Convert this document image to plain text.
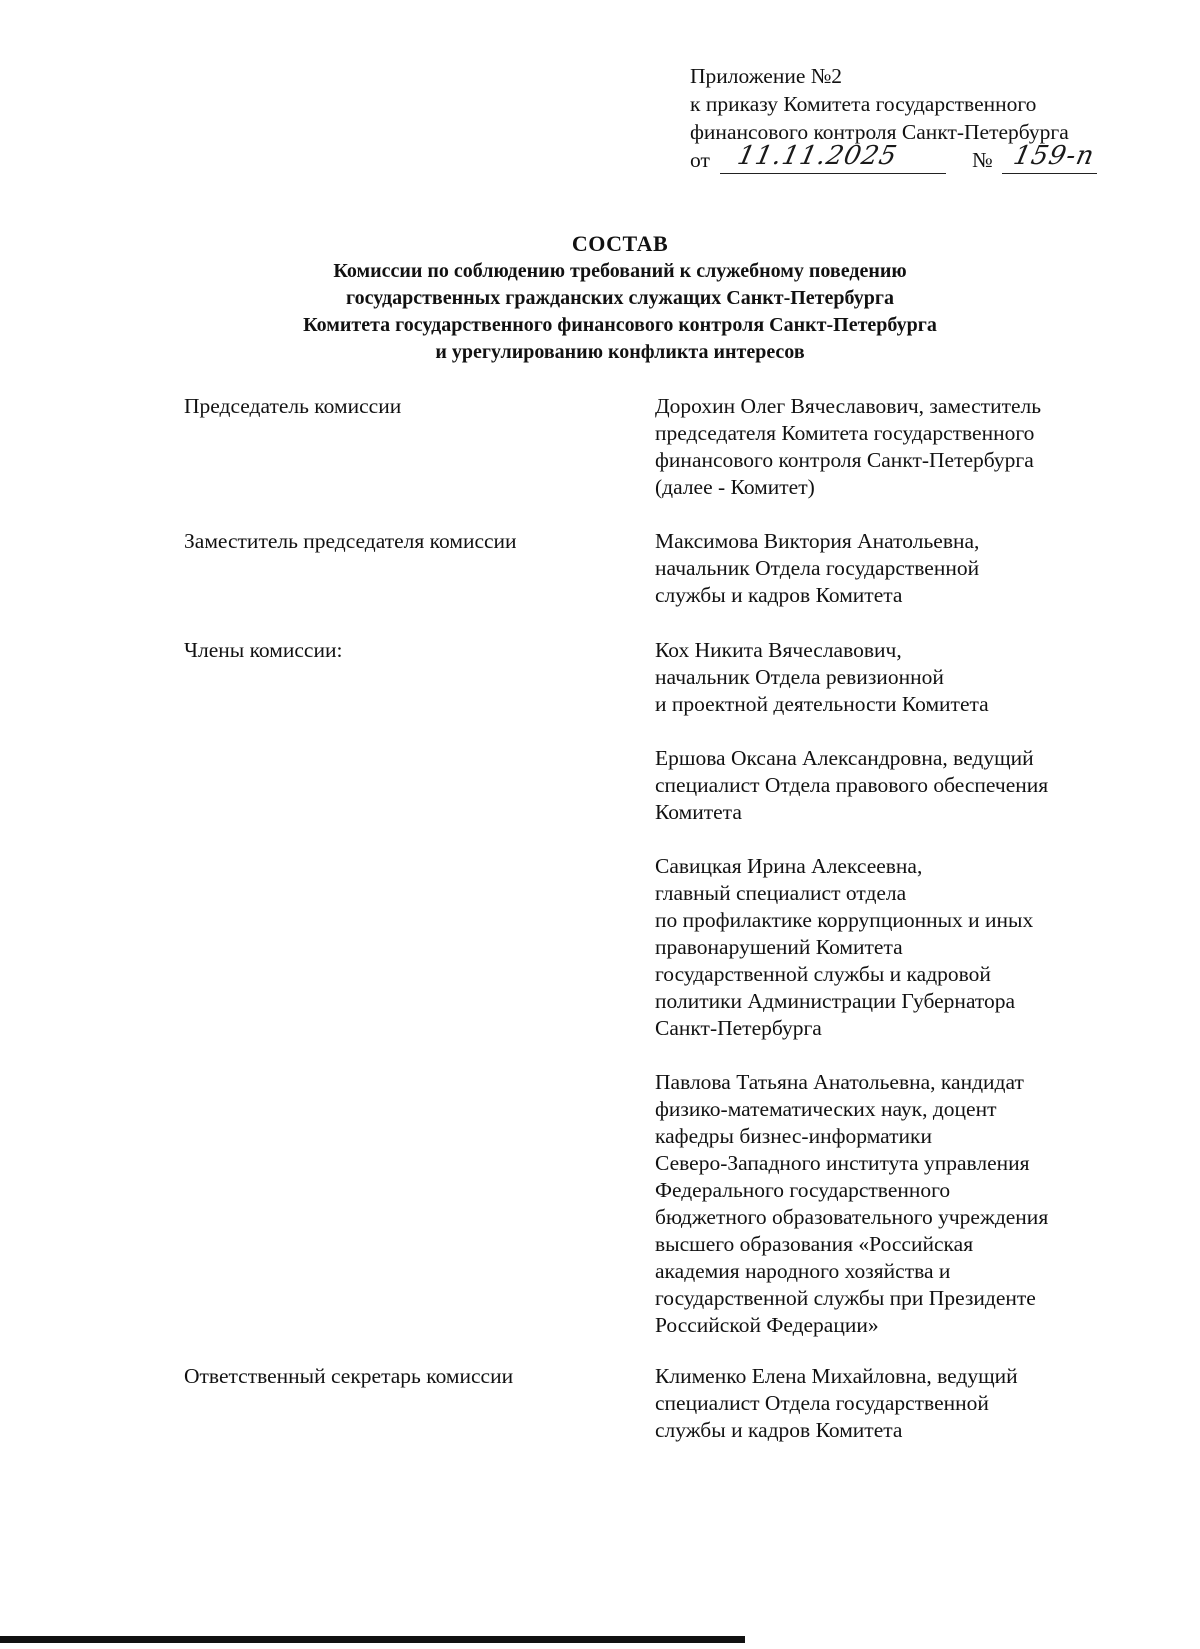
Приложение №2
к приказу Комитета государственного
финансового контроля Санкт-Петербурга
от 11.11.2025	№ 159-п
СОСТАВ
Комиссии по соблюдению требований к служебному поведению
государственных гражданских служащих Санкт-Петербурга
Комитета государственного финансового контроля Санкт-Петербурга
и урегулированию конфликта интересов
Председатель комиссии	Дорохин Олег Вячеславович, заместитель
председателя Комитета государственного
финансового контроля Санкт-Петербурга
(далее - Комитет)
Заместитель председателя комиссии	Максимова Виктория Анатольевна,
начальник Отдела государственной
службы и кадров Комитета
Члены комиссии:	Кох Никита Вячеславович,
начальник Отдела ревизионной
и проектной деятельности Комитета
Ершова Оксана Александровна, ведущий
специалист Отдела правового обеспечения
Комитета
Савицкая Ирина Алексеевна,
главный специалист отдела
по профилактике коррупционных и иных
правонарушений Комитета
государственной службы и кадровой
политики Администрации Губернатора
Санкт-Петербурга
Павлова Татьяна Анатольевна, кандидат
физико-математических наук, доцент
кафедры бизнес-информатики
Северо-Западного института управления
Федерального государственного
бюджетного образовательного учреждения
высшего образования «Российская
академия народного хозяйства и
государственной службы при Президенте
Российской Федерации»
Ответственный секретарь комиссии	Клименко Елена Михайловна, ведущий
специалист Отдела государственной
службы и кадров Комитета
